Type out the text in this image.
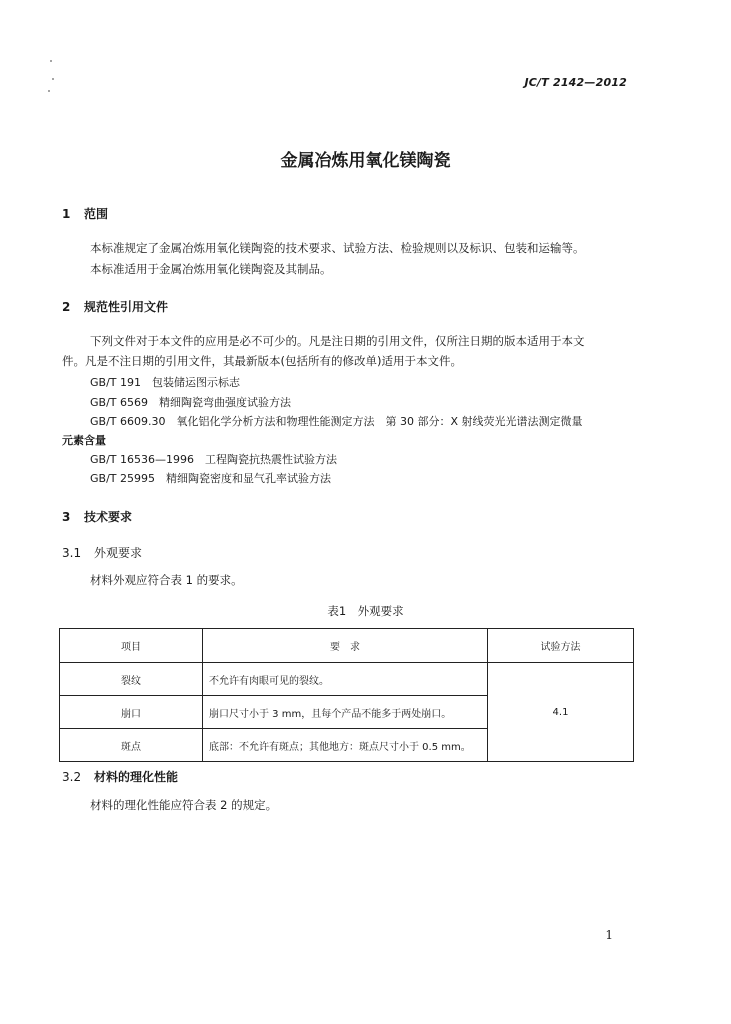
JC/T 2142—2012
金属冶炼用氧化镁陶瓷
1 范围
本标准规定了金属冶炼用氧化镁陶瓷的技术要求、试验方法、检验规则以及标识、包装和运输等。
本标准适用于金属冶炼用氧化镁陶瓷及其制品。
2 规范性引用文件
下列文件对于本文件的应用是必不可少的。凡是注日期的引用文件，仅所注日期的版本适用于本文
件。凡是不注日期的引用文件，其最新版本(包括所有的修改单)适用于本文件。
GB/T 191　包装储运图示标志
GB/T 6569　精细陶瓷弯曲强度试验方法
GB/T 6609.30　氧化铝化学分析方法和物理性能测定方法　第 30 部分：X 射线荧光光谱法测定微量
元素含量
GB/T 16536—1996　工程陶瓷抗热震性试验方法
GB/T 25995　精细陶瓷密度和显气孔率试验方法
3 技术要求
3.1 外观要求
材料外观应符合表 1 的要求。
表1　外观要求
项目	要　求	试验方法
裂纹	不允许有肉眼可见的裂纹。	4.1
崩口	崩口尺寸小于 3 mm，且每个产品不能多于两处崩口。	
斑点	底部：不允许有斑点；其他地方：斑点尺寸小于 0.5 mm。	
3.2 材料的理化性能
材料的理化性能应符合表 2 的规定。
1
